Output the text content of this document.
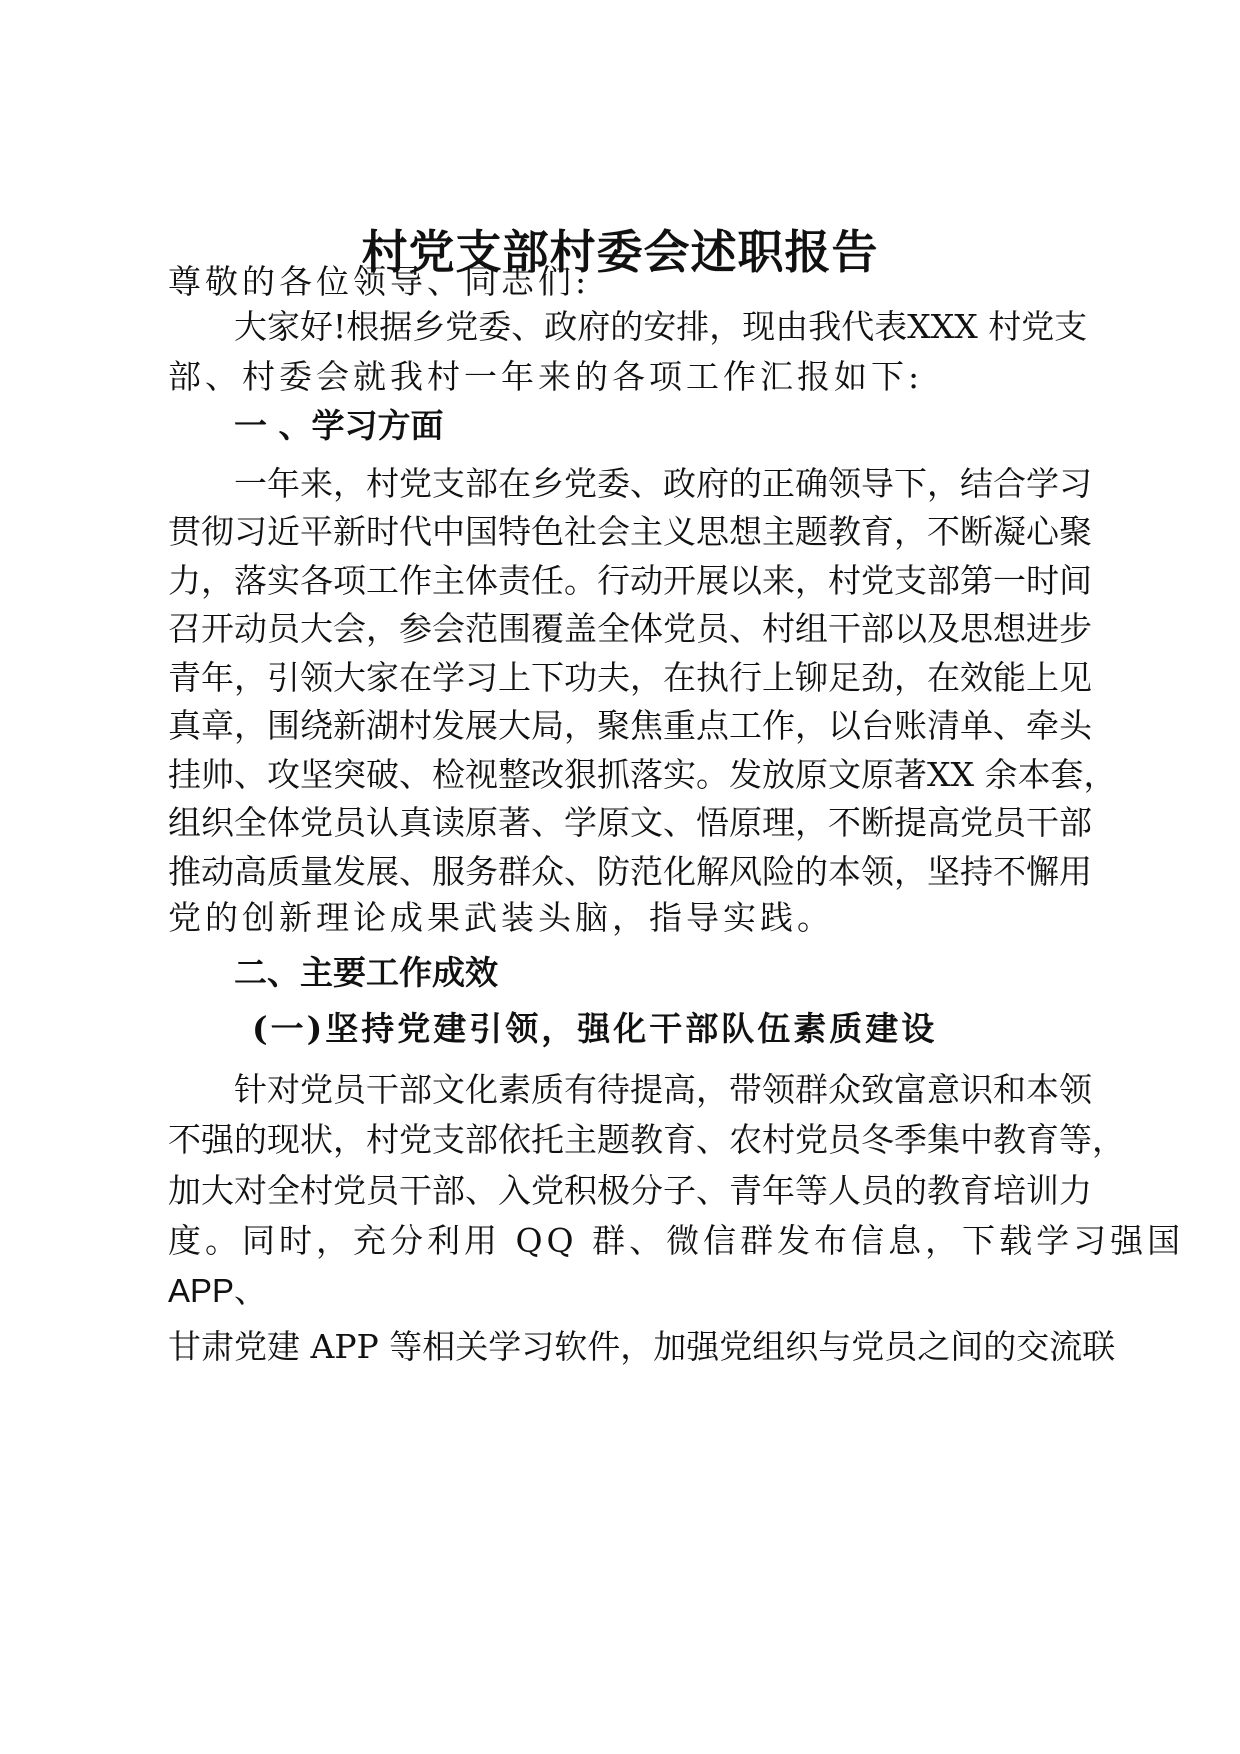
村党支部村委会述职报告
尊敬的各位领导、同志们:
大家好!根据乡党委、政府的安排，现由我代表XXX 村党支
部、村委会就我村一年来的各项工作汇报如下:
一 、学习方面
一年来，村党支部在乡党委、政府的正确领导下，结合学习
贯彻习近平新时代中国特色社会主义思想主题教育，不断凝心聚
力，落实各项工作主体责任。行动开展以来，村党支部第一时间
召开动员大会，参会范围覆盖全体党员、村组干部以及思想进步
青年，引领大家在学习上下功夫，在执行上铆足劲，在效能上见
真章，围绕新湖村发展大局，聚焦重点工作，以台账清单、牵头
挂帅、攻坚突破、检视整改狠抓落实。发放原文原著XX 余本套，
组织全体党员认真读原著、学原文、悟原理，不断提高党员干部
推动高质量发展、服务群众、防范化解风险的本领，坚持不懈用
党的创新理论成果武装头脑，指导实践。
二、主要工作成效
(一)坚持党建引领，强化干部队伍素质建设
针对党员干部文化素质有待提高，带领群众致富意识和本领
不强的现状，村党支部依托主题教育、农村党员冬季集中教育等，
加大对全村党员干部、入党积极分子、青年等人员的教育培训力
度。同时，充分利用 QQ 群、微信群发布信息，下载学习强国
APP、
甘肃党建 APP 等相关学习软件，加强党组织与党员之间的交流联
